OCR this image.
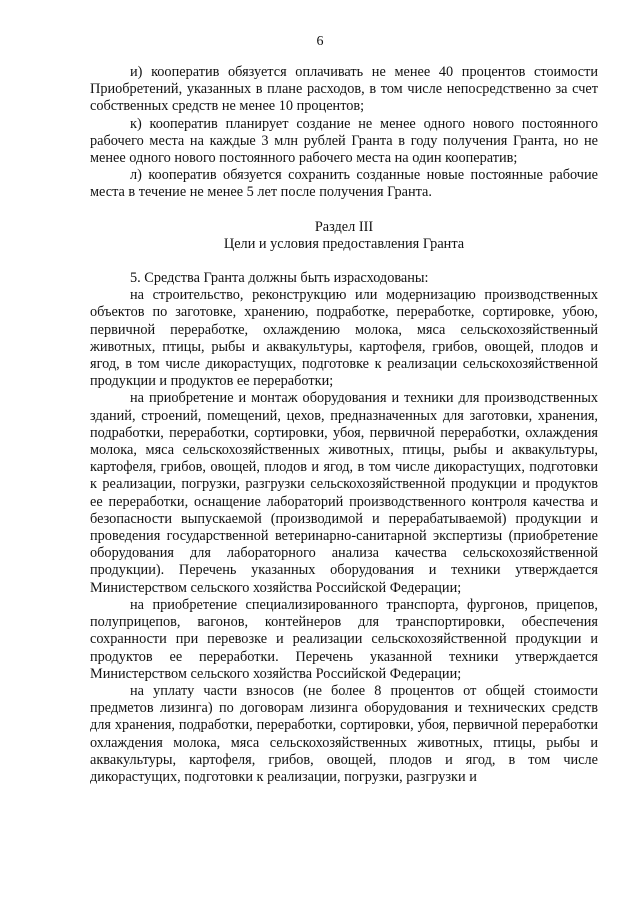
6

и) кооператив обязуется оплачивать не менее 40 процентов стоимости Приобретений, указанных в плане расходов, в том числе непосредственно за счет собственных средств не менее 10 процентов;

к) кооператив планирует создание не менее одного нового постоянного рабочего места на каждые 3 млн рублей Гранта в году получения Гранта, но не менее одного нового постоянного рабочего места на один кооператив;

л) кооператив обязуется сохранить созданные новые постоянные рабочие места в течение не менее 5 лет после получения Гранта.

Раздел III
Цели и условия предоставления Гранта

5. Средства Гранта должны быть израсходованы:

на строительство, реконструкцию или модернизацию производственных объектов по заготовке, хранению, подработке, переработке, сортировке, убою, первичной переработке, охлаждению молока, мяса сельскохозяйственный животных, птицы, рыбы и аквакультуры, картофеля, грибов, овощей, плодов и ягод, в том числе дикорастущих, подготовке к реализации сельскохозяйственной продукции и продуктов ее переработки;

на приобретение и монтаж оборудования и техники для производственных зданий, строений, помещений, цехов, предназначенных для заготовки, хранения, подработки, переработки, сортировки, убоя, первичной переработки, охлаждения молока, мяса сельскохозяйственных животных, птицы, рыбы и аквакультуры, картофеля, грибов, овощей, плодов и ягод, в том числе дикорастущих, подготовки к реализации, погрузки, разгрузки сельскохозяйственной продукции и продуктов ее переработки, оснащение лабораторий производственного контроля качества и безопасности выпускаемой (производимой и перерабатываемой) продукции и проведения государственной ветеринарно-санитарной экспертизы (приобретение оборудования для лабораторного анализа качества сельскохозяйственной продукции). Перечень указанных оборудования и техники утверждается Министерством сельского хозяйства Российской Федерации;

на приобретение специализированного транспорта, фургонов, прицепов, полуприцепов, вагонов, контейнеров для транспортировки, обеспечения сохранности при перевозке и реализации сельскохозяйственной продукции и продуктов ее переработки. Перечень указанной техники утверждается Министерством сельского хозяйства Российской Федерации;

на уплату части взносов (не более 8 процентов от общей стоимости предметов лизинга) по договорам лизинга оборудования и технических средств для хранения, подработки, переработки, сортировки, убоя, первичной переработки охлаждения молока, мяса сельскохозяйственных животных, птицы, рыбы и аквакультуры, картофеля, грибов, овощей, плодов и ягод, в том числе дикорастущих, подготовки к реализации, погрузки, разгрузки и
